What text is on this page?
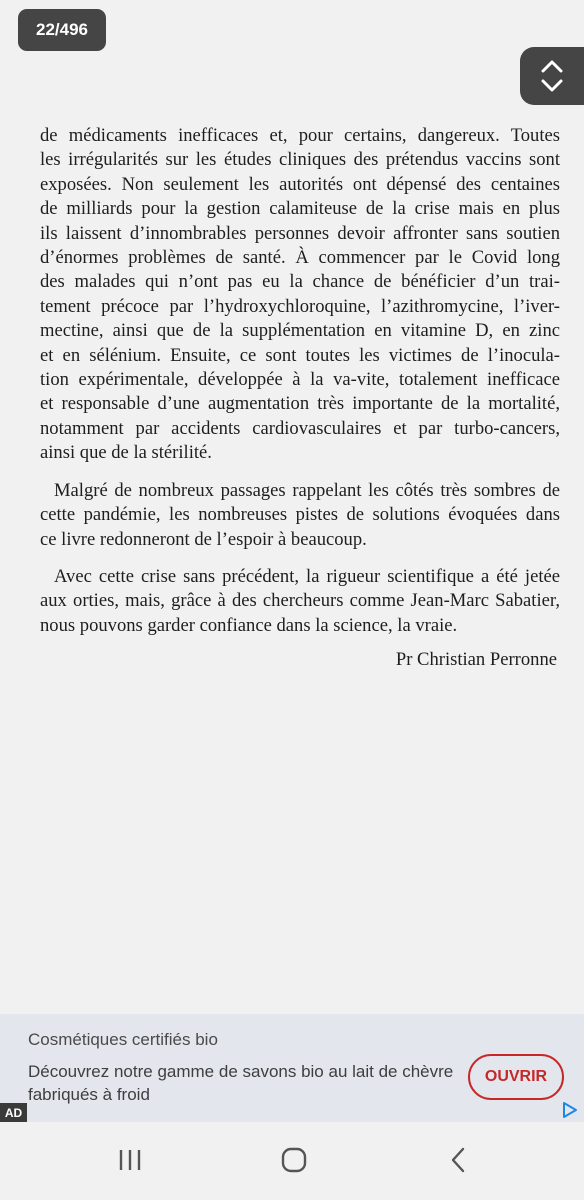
22/496
de médicaments inefficaces et, pour certains, dangereux. Toutes
les irrégularités sur les études cliniques des prétendus vaccins sont
exposées. Non seulement les autorités ont dépensé des centaines
de milliards pour la gestion calamiteuse de la crise mais en plus
ils laissent d’innombrables personnes devoir affronter sans soutien
d’énormes problèmes de santé. À commencer par le Covid long
des malades qui n’ont pas eu la chance de bénéficier d’un trai-
tement précoce par l’hydroxychloroquine, l’azithromycine, l’iver-
mectine, ainsi que de la supplémentation en vitamine D, en zinc
et en sélénium. Ensuite, ce sont toutes les victimes de l’inocula-
tion expérimentale, développée à la va-vite, totalement inefficace
et responsable d’une augmentation très importante de la mortalité,
notamment par accidents cardiovasculaires et par turbo-cancers,
ainsi que de la stérilité.
Malgré de nombreux passages rappelant les côtés très sombres de
cette pandémie, les nombreuses pistes de solutions évoquées dans
ce livre redonneront de l’espoir à beaucoup.
Avec cette crise sans précédent, la rigueur scientifique a été jetée
aux orties, mais, grâce à des chercheurs comme Jean-Marc Sabatier,
nous pouvons garder confiance dans la science, la vraie.
Pr Christian Perronne
Cosmétiques certifiés bio
Découvrez notre gamme de savons bio au lait de chèvre fabriqués à froid
OUVRIR
AD
